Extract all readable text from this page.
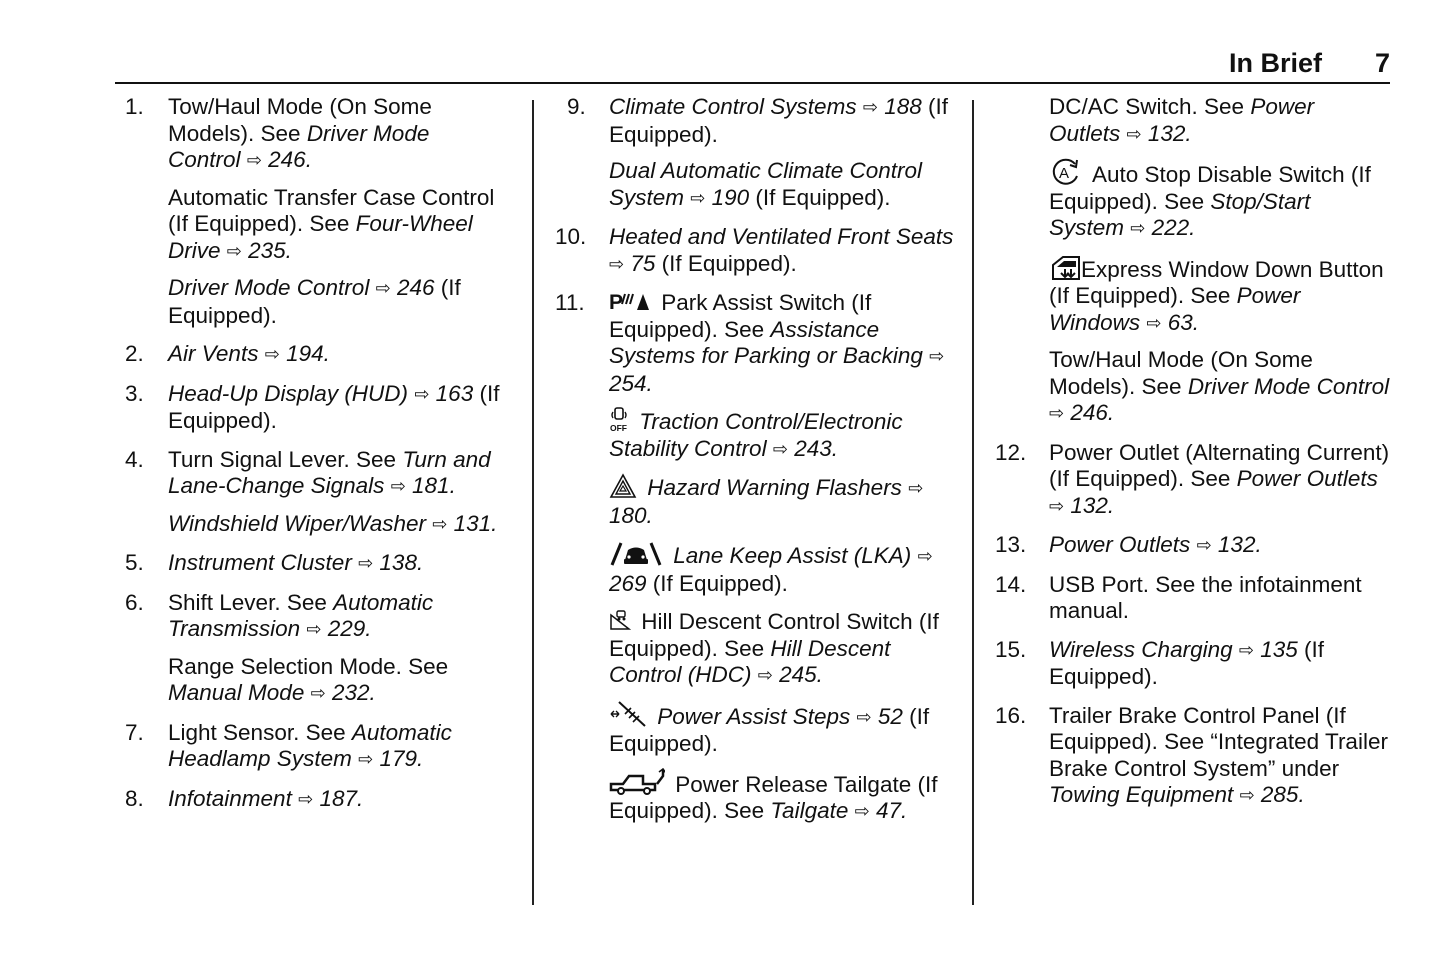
In Brief 7
1. Tow/Haul Mode (On Some Models). See Driver Mode Control ⇨ 246.
Automatic Transfer Case Control (If Equipped). See Four-Wheel Drive ⇨ 235.
Driver Mode Control ⇨ 246 (If Equipped).
2. Air Vents ⇨ 194.
3. Head-Up Display (HUD) ⇨ 163 (If Equipped).
4. Turn Signal Lever. See Turn and Lane-Change Signals ⇨ 181.
Windshield Wiper/Washer ⇨ 131.
5. Instrument Cluster ⇨ 138.
6. Shift Lever. See Automatic Transmission ⇨ 229.
Range Selection Mode. See Manual Mode ⇨ 232.
7. Light Sensor. See Automatic Headlamp System ⇨ 179.
8. Infotainment ⇨ 187.
9. Climate Control Systems ⇨ 188 (If Equipped).
Dual Automatic Climate Control System ⇨ 190 (If Equipped).
10. Heated and Ventilated Front Seats ⇨ 75 (If Equipped).
11. P Park Assist Switch (If Equipped). See Assistance Systems for Parking or Backing ⇨ 254.
OFF Traction Control/Electronic Stability Control ⇨ 243.
Hazard Warning Flashers ⇨ 180.
Lane Keep Assist (LKA) ⇨ 269 (If Equipped).
Hill Descent Control Switch (If Equipped). See Hill Descent Control (HDC) ⇨ 245.
Power Assist Steps ⇨ 52 (If Equipped).
Power Release Tailgate (If Equipped). See Tailgate ⇨ 47.
DC/AC Switch. See Power Outlets ⇨ 132.
A Auto Stop Disable Switch (If Equipped). See Stop/Start System ⇨ 222.
Express Window Down Button (If Equipped). See Power Windows ⇨ 63.
Tow/Haul Mode (On Some Models). See Driver Mode Control ⇨ 246.
12. Power Outlet (Alternating Current) (If Equipped). See Power Outlets ⇨ 132.
13. Power Outlets ⇨ 132.
14. USB Port. See the infotainment manual.
15. Wireless Charging ⇨ 135 (If Equipped).
16. Trailer Brake Control Panel (If Equipped). See “Integrated Trailer Brake Control System” under Towing Equipment ⇨ 285.
